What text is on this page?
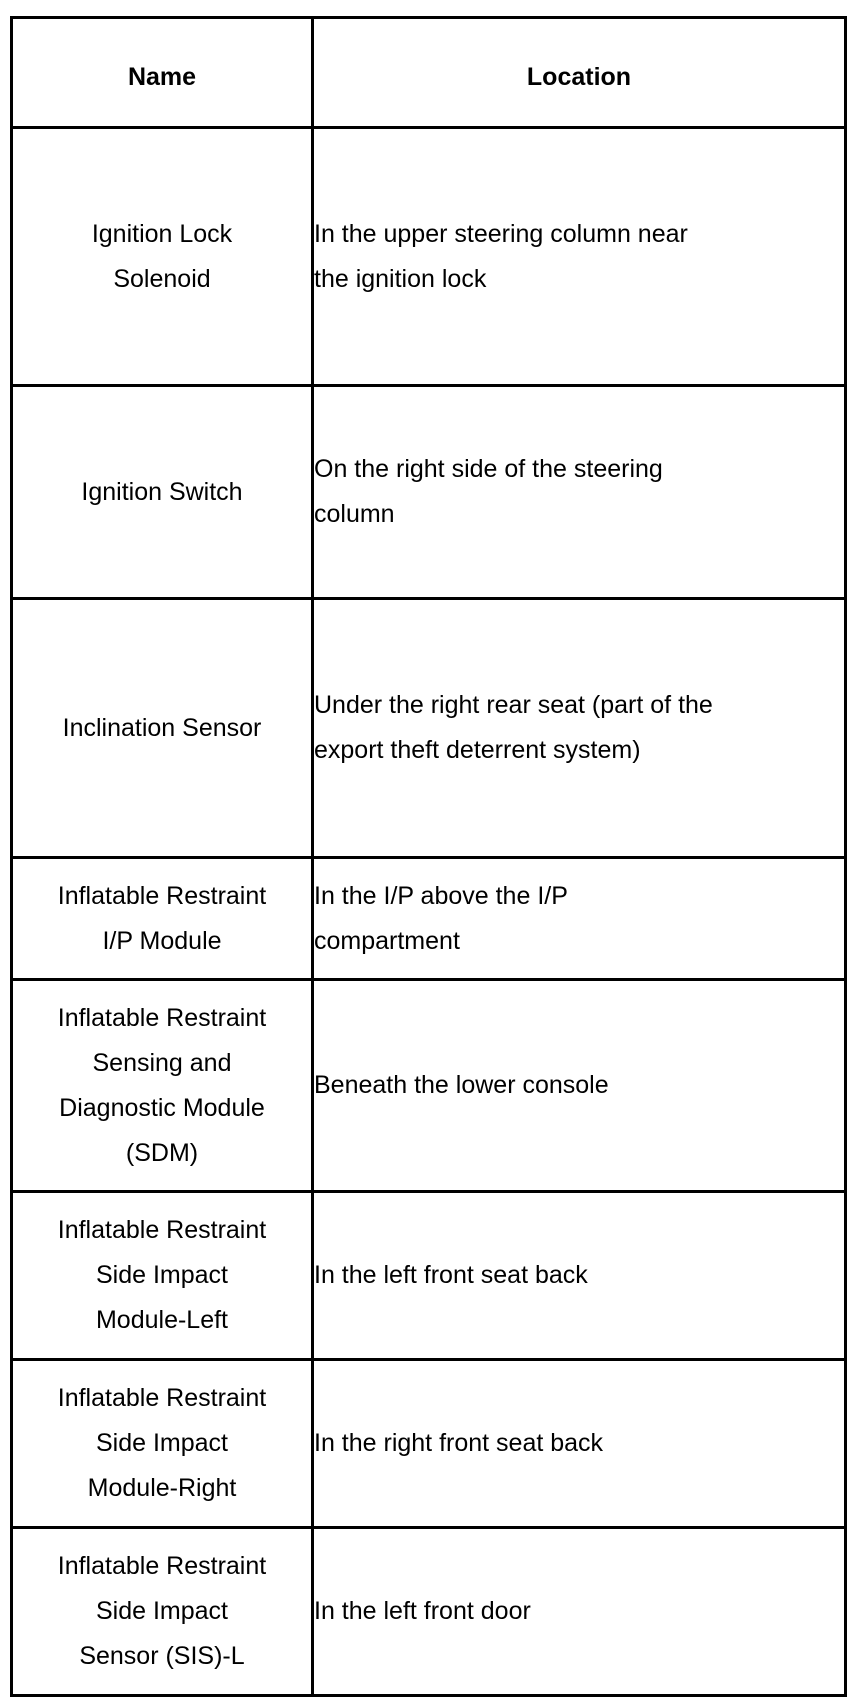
Name	Location

Ignition Lock
Solenoid	In the upper steering column near
the ignition lock

Ignition Switch	On the right side of the steering
column

Inclination Sensor	Under the right rear seat (part of the
export theft deterrent system)

Inflatable Restraint
I/P Module	In the I/P above the I/P
compartment

Inflatable Restraint
Sensing and
Diagnostic Module
(SDM)	Beneath the lower console

Inflatable Restraint
Side Impact
Module-Left	In the left front seat back

Inflatable Restraint
Side Impact
Module-Right	In the right front seat back

Inflatable Restraint
Side Impact
Sensor (SIS)-L	In the left front door
